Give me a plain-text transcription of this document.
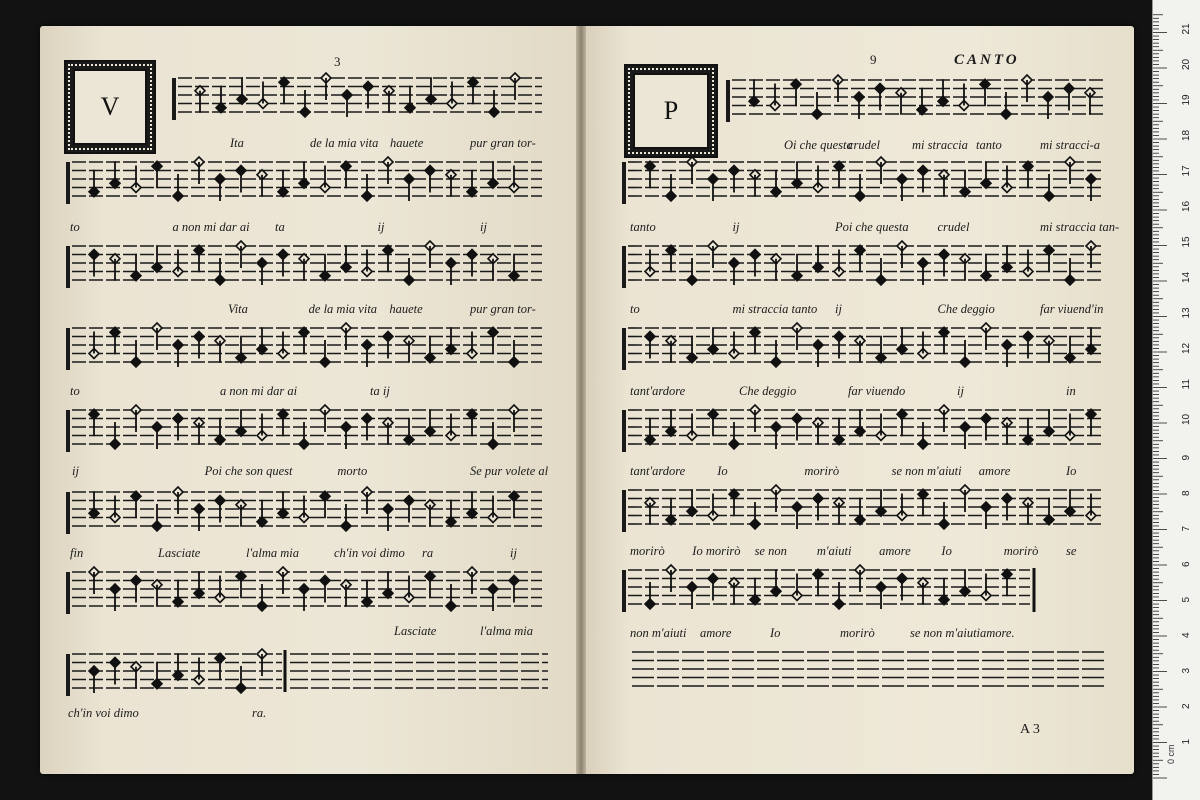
V	P
3	9	CANTO
A 3
Ita	de la mia vita hauete	pur gran tor-
to	a non mi dar ai ta	ij	ij
Vita	de la mia vita hauete	pur gran tor-
to	a non mi dar ai	ta ij
ij	Poi che son quest	morto	Se pur volete al
fin	Lasciate	l'alma mia	ch'in voi dimo ra	ij
Lasciate	l'alma mia
ch'in voi dimo	ra.
Oi che questa
crudel	mi straccia tanto	mi stracci-a
tanto	ij	Poi che questa crudel	mi straccia tan-
to	mi straccia tanto ij	Che deggio	far viuend'in
tant'ardore	Che deggio	far viuendo	ij	in
tant'ardore	Io	morirò	se non m'aiuti amore	Io
morirò Io morirò se non m'aiuti amore Io	morirò se
non m'aiuti amore	Io	morirò	se non m'aiuti amore.
1
2
3
4
5
6
7
8
9
10
11
12
13
14
15
16
17
18
19
20
21
0 cm
